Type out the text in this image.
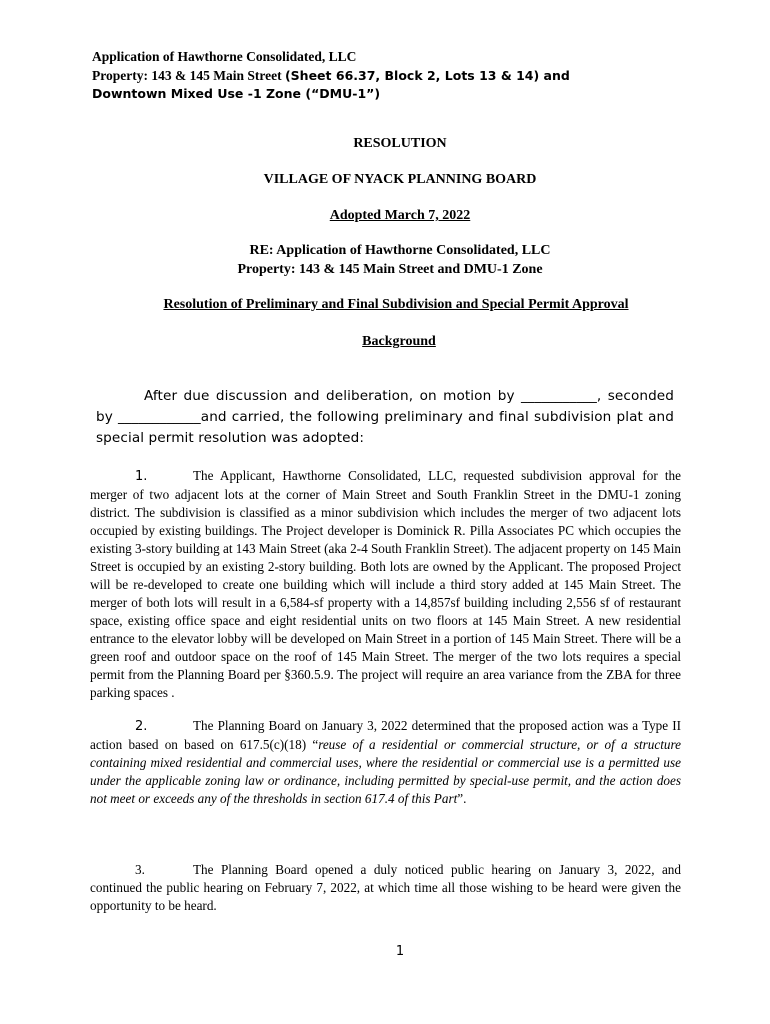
Application of Hawthorne Consolidated, LLC
Property: 143 & 145 Main Street (Sheet 66.37, Block 2, Lots 13 & 14) and
Downtown Mixed Use -1 Zone (“DMU-1”)
RESOLUTION
VILLAGE OF NYACK PLANNING BOARD
Adopted March 7, 2022
RE: Application of Hawthorne Consolidated, LLC
Property: 143 & 145 Main Street and DMU-1 Zone
Resolution of Preliminary and Final Subdivision and Special Permit Approval
Background
After due discussion and deliberation, on motion by ___________, seconded by ____________and carried, the following preliminary and final subdivision plat and special permit resolution was adopted:
1.	The Applicant, Hawthorne Consolidated, LLC, requested subdivision approval for the merger of two adjacent lots at the corner of Main Street and South Franklin Street in the DMU-1 zoning district. The subdivision is classified as a minor subdivision which includes the merger of two adjacent lots occupied by existing buildings. The Project developer is Dominick R. Pilla Associates PC which occupies the existing 3-story building at 143 Main Street (aka 2-4 South Franklin Street). The adjacent property on 145 Main Street is occupied by an existing 2-story building. Both lots are owned by the Applicant. The proposed Project will be re-developed to create one building which will include a third story added at 145 Main Street. The merger of both lots will result in a 6,584-sf property with a 14,857sf building including 2,556 sf of restaurant space, existing office space and eight residential units on two floors at 145 Main Street. A new residential entrance to the elevator lobby will be developed on Main Street in a portion of 145 Main Street. There will be a green roof and outdoor space on the roof of 145 Main Street. The merger of the two lots requires a special permit from the Planning Board per §360.5.9. The project will require an area variance from the ZBA for three parking spaces .
2.	The Planning Board on January 3, 2022 determined that the proposed action was a Type II action based on based on 617.5(c)(18) “reuse of a residential or commercial structure, or of a structure containing mixed residential and commercial uses, where the residential or commercial use is a permitted use under the applicable zoning law or ordinance, including permitted by special-use permit, and the action does not meet or exceeds any of the thresholds in section 617.4 of this Part”.
3.	The Planning Board opened a duly noticed public hearing on January 3, 2022, and continued the public hearing on February 7, 2022, at which time all those wishing to be heard were given the opportunity to be heard.
1
